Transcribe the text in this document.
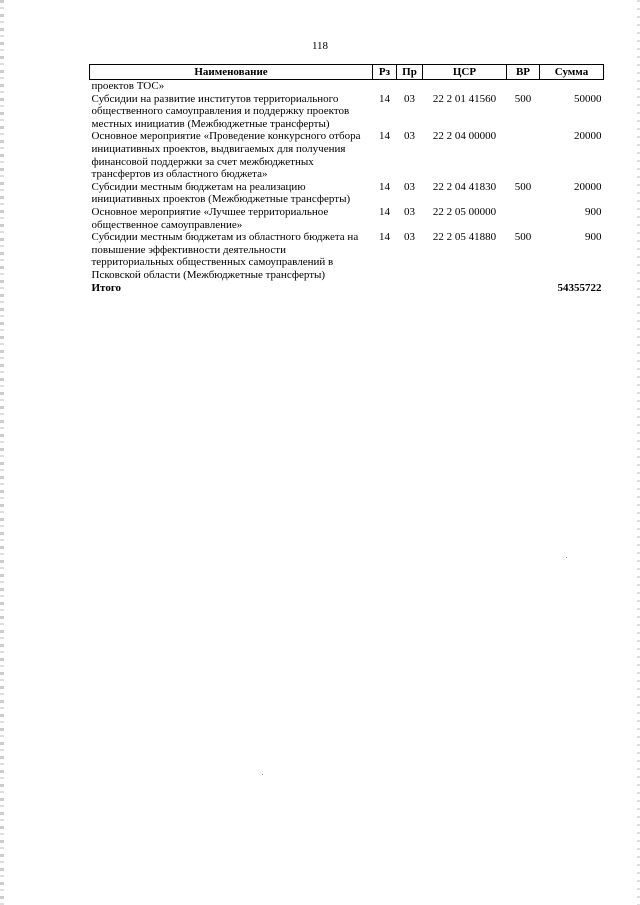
118
Наименование	Рз	Пр	ЦСР	ВР	Сумма
проектов ТОС»					
Субсидии на развитие институтов территориального общественного самоуправления и поддержку проектов местных инициатив (Межбюджетные трансферты)	14	03	22 2 01 41560	500	50000
Основное мероприятие «Проведение конкурсного отбора инициативных проектов, выдвигаемых для получения финансовой поддержки за счет межбюджетных трансфертов из областного бюджета»	14	03	22 2 04 00000		20000
Субсидии местным бюджетам на реализацию инициативных проектов (Межбюджетные трансферты)	14	03	22 2 04 41830	500	20000
Основное мероприятие «Лучшее территориальное общественное самоуправление»	14	03	22 2 05 00000		900
Субсидии местным бюджетам из областного бюджета на повышение эффективности деятельности территориальных общественных самоуправлений в Псковской области (Межбюджетные трансферты)	14	03	22 2 05 41880	500	900
Итого					54355722
